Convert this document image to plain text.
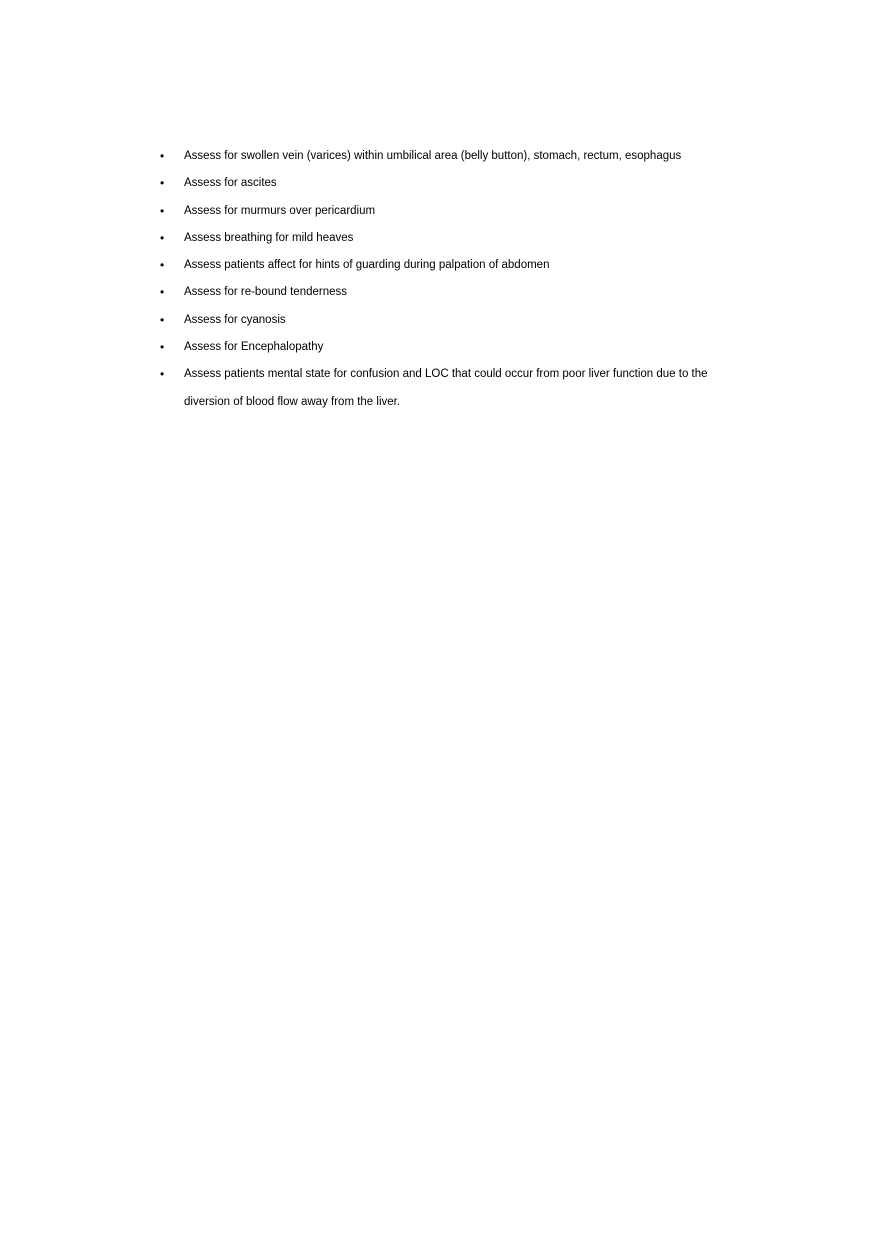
• Assess for swollen vein (varices) within umbilical area (belly button), stomach, rectum, esophagus
• Assess for ascites
• Assess for murmurs over pericardium
• Assess breathing for mild heaves
• Assess patients affect for hints of guarding during palpation of abdomen
• Assess for re-bound tenderness
• Assess for cyanosis
• Assess for Encephalopathy
• Assess patients mental state for confusion and LOC that could occur from poor liver function due to the diversion of blood flow away from the liver.
